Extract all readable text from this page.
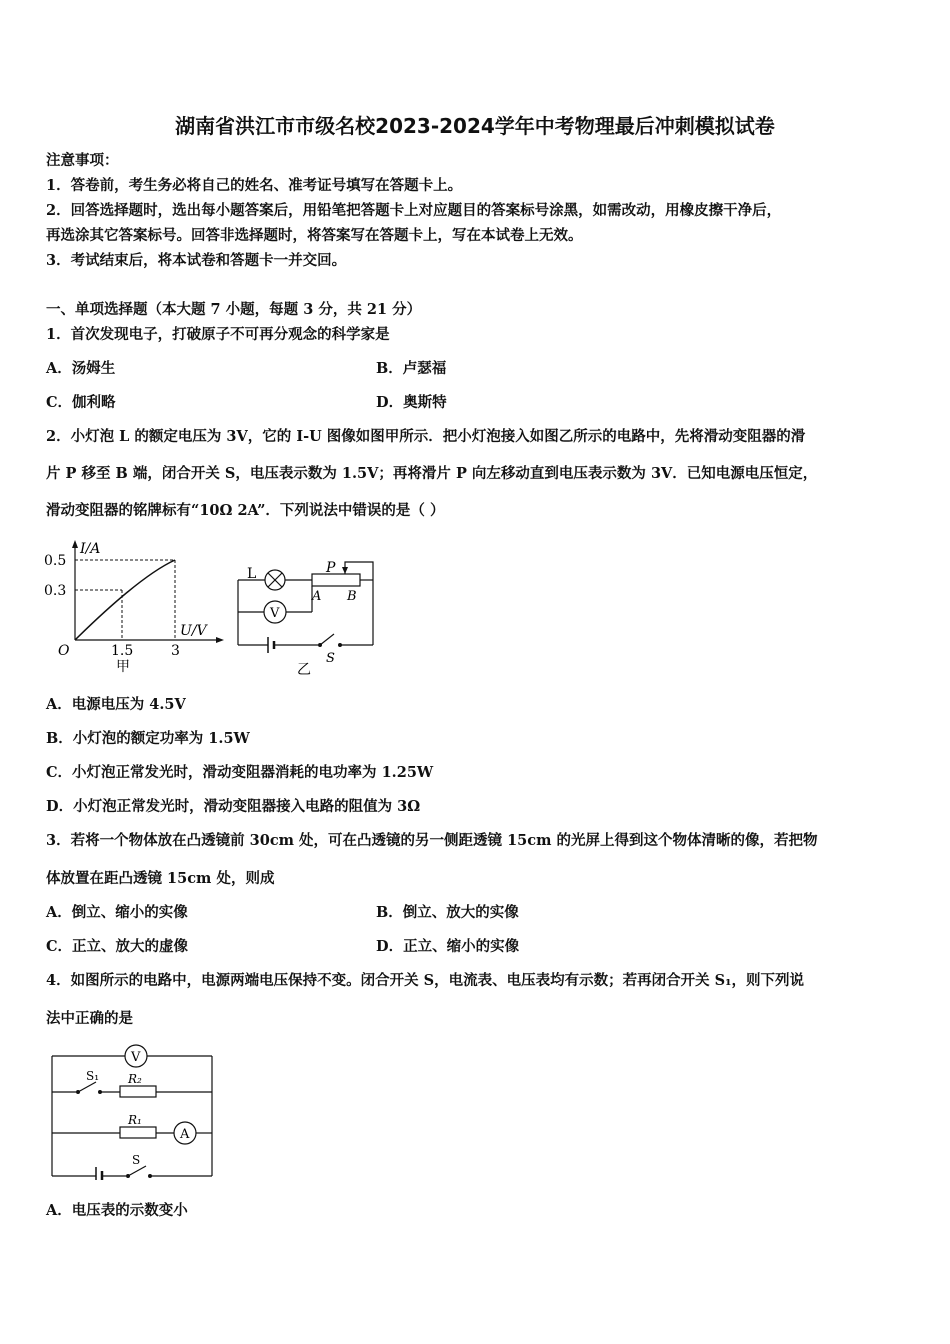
湖南省洪江市市级名校2023-2024学年中考物理最后冲刺模拟试卷
注意事项：
1．答卷前，考生务必将自己的姓名、准考证号填写在答题卡上。
2．回答选择题时，选出每小题答案后，用铅笔把答题卡上对应题目的答案标号涂黑，如需改动，用橡皮擦干净后，
再选涂其它答案标号。回答非选择题时，将答案写在答题卡上，写在本试卷上无效。
3．考试结束后，将本试卷和答题卡一并交回。
一、单项选择题（本大题 7 小题，每题 3 分，共 21 分）
1．首次发现电子，打破原子不可再分观念的科学家是
A．汤姆生	B．卢瑟福
C．伽利略	D．奥斯特
2．小灯泡 L 的额定电压为 3V，它的 I-U 图像如图甲所示．把小灯泡接入如图乙所示的电路中，先将滑动变阻器的滑
片 P 移至 B 端，闭合开关 S，电压表示数为 1.5V；再将滑片 P 向左移动直到电压表示数为 3V．已知电源电压恒定，
滑动变阻器的铭牌标有“10Ω 2A”．下列说法中错误的是（ ）
I/A
0.5
0.3
U/V
O	1.5	3
甲
L	P
A B
V
S
乙
A．电源电压为 4.5V
B．小灯泡的额定功率为 1.5W
C．小灯泡正常发光时，滑动变阻器消耗的电功率为 1.25W
D．小灯泡正常发光时，滑动变阻器接入电路的阻值为 3Ω
3．若将一个物体放在凸透镜前 30cm 处，可在凸透镜的另一侧距透镜 15cm 的光屏上得到这个物体清晰的像，若把物
体放置在距凸透镜 15cm 处，则成
A．倒立、缩小的实像	B．倒立、放大的实像
C．正立、放大的虚像	D．正立、缩小的实像
4．如图所示的电路中，电源两端电压保持不变。闭合开关 S，电流表、电压表均有示数；若再闭合开关 S₁，则下列说
法中正确的是
V
S₁ R₂
R₁
A
S
A．电压表的示数变小
